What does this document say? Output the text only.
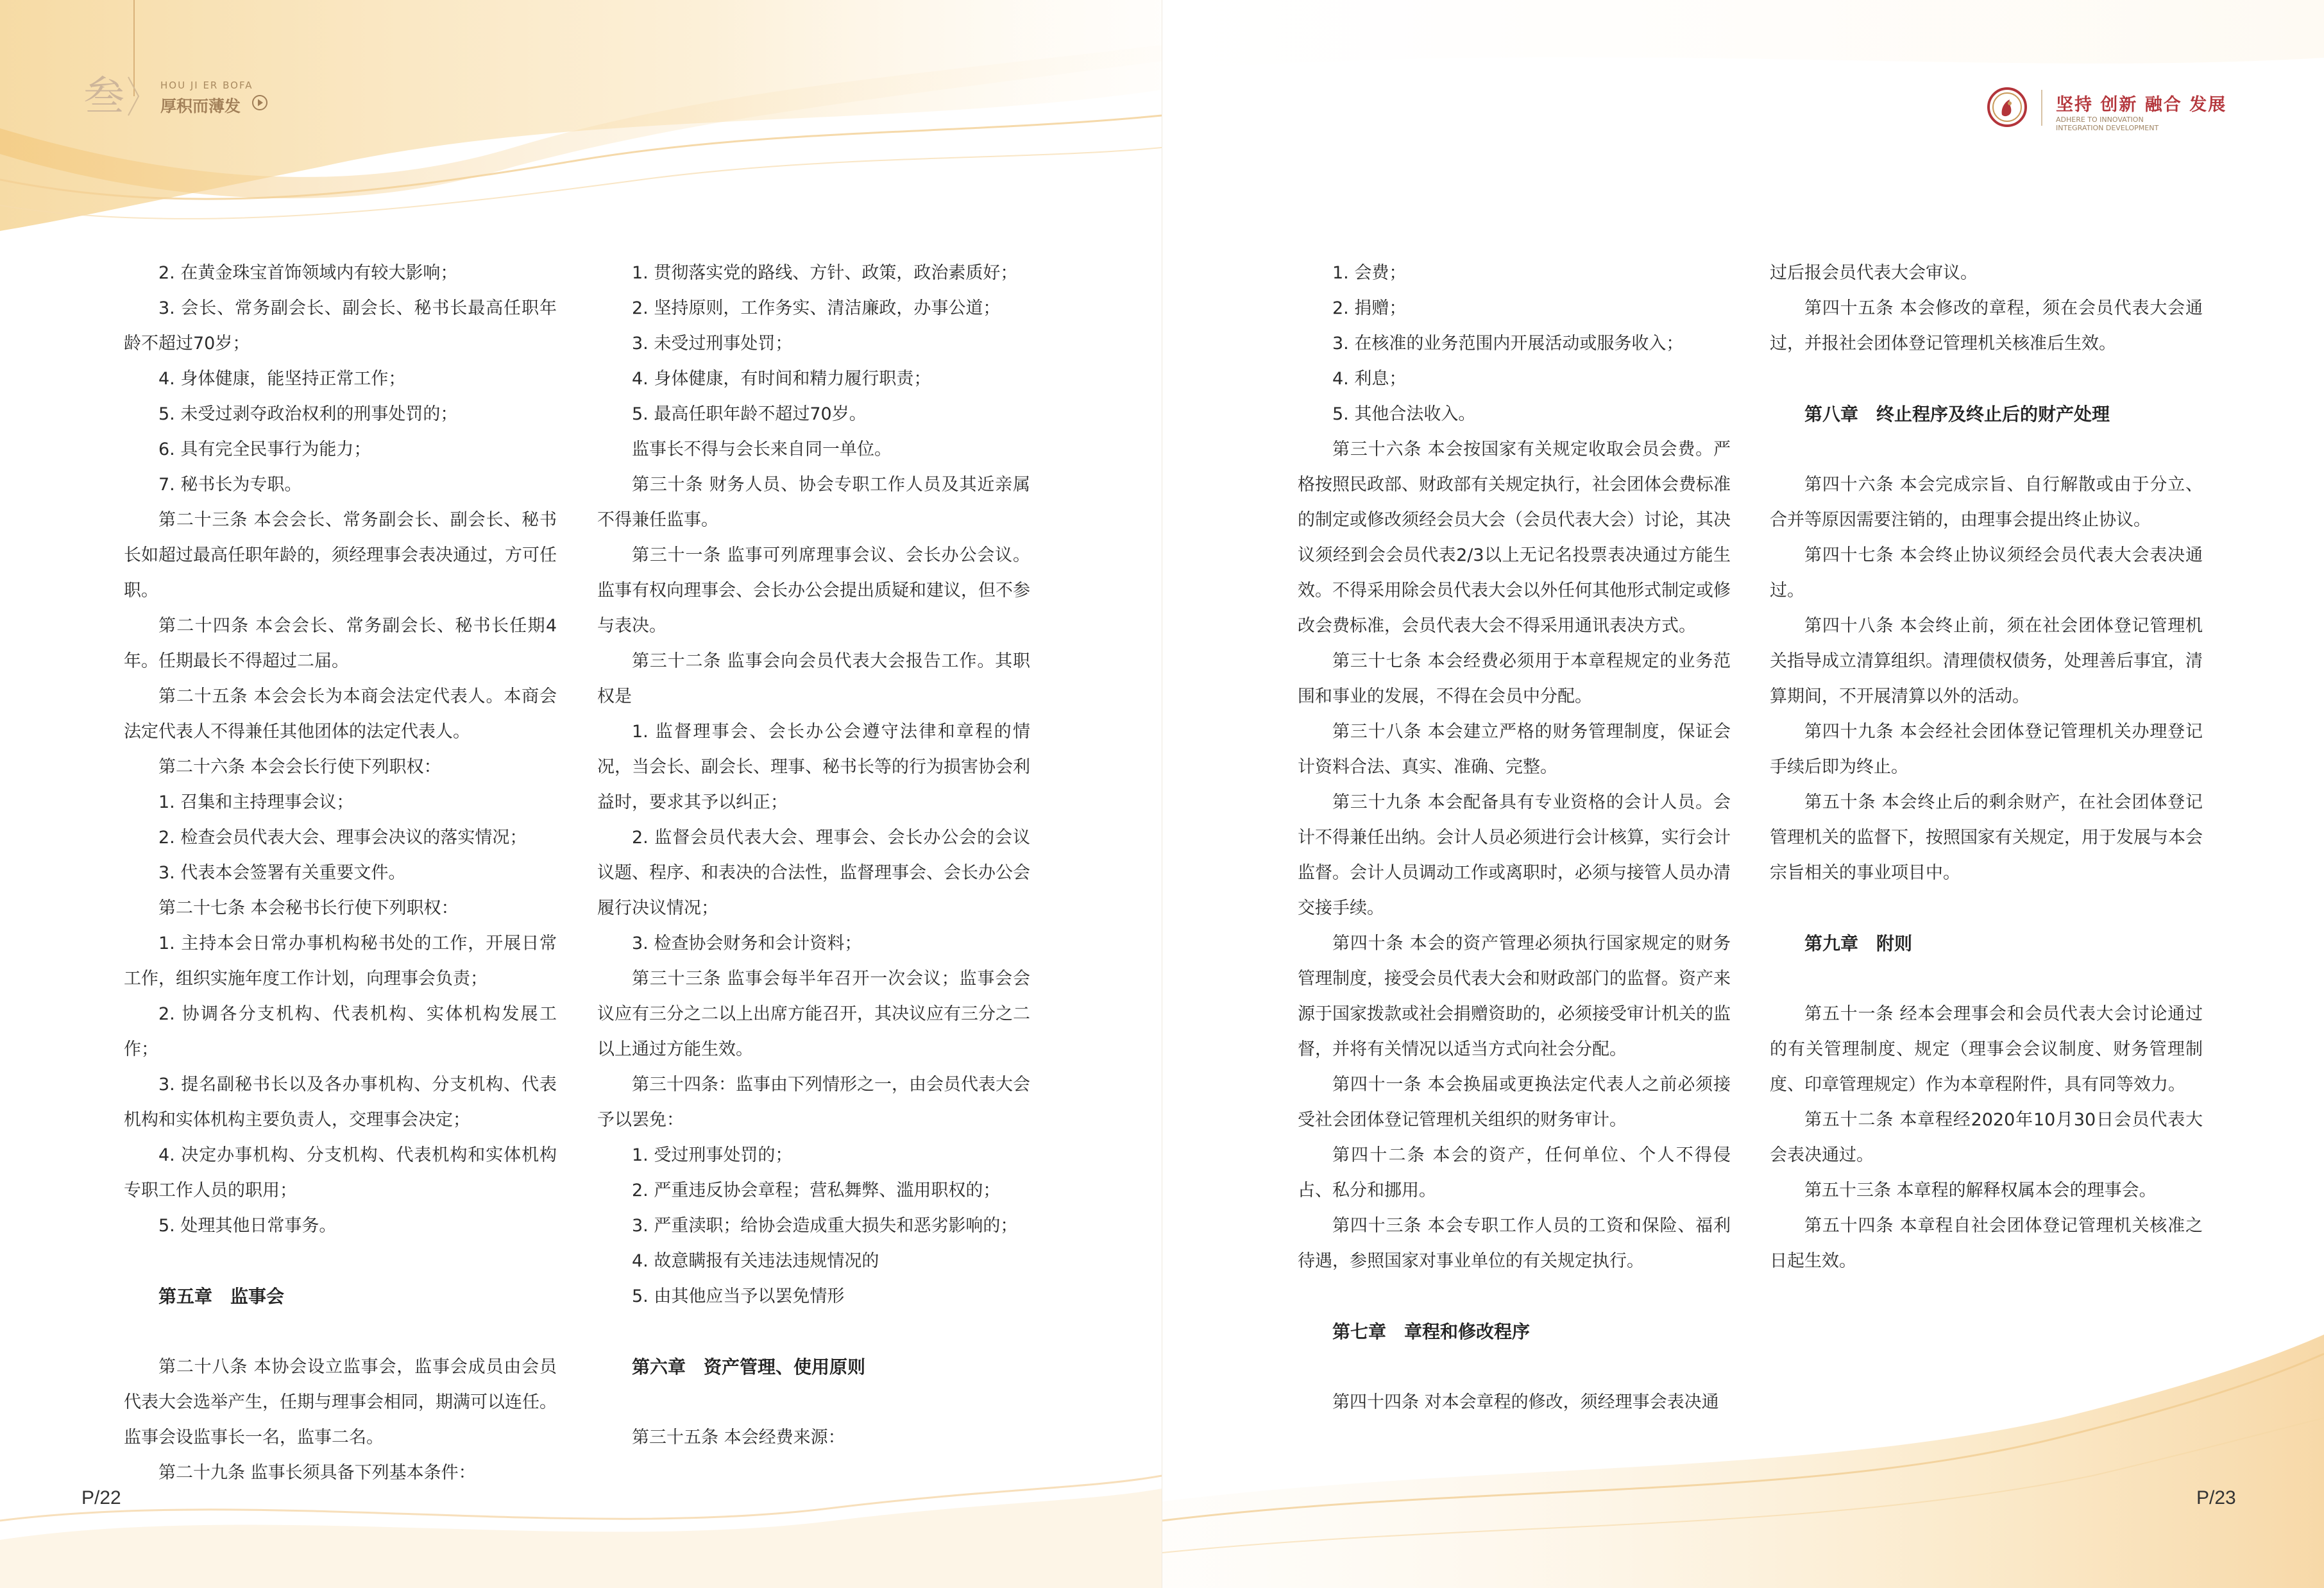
叁	HOU JI ER BOFA
厚积而薄发

2. 在黄金珠宝首饰领域内有较大影响；

3. 会长、常务副会长、副会长、秘书长最高任职年龄不超过70岁；

4. 身体健康，能坚持正常工作；

5. 未受过剥夺政治权利的刑事处罚的；

6. 具有完全民事行为能力；

7. 秘书长为专职。

第二十三条 本会会长、常务副会长、副会长、秘书长如超过最高任职年龄的，须经理事会表决通过，方可任职。

第二十四条 本会会长、常务副会长、秘书长任期4年。任期最长不得超过二届。

第二十五条 本会会长为本商会法定代表人。本商会法定代表人不得兼任其他团体的法定代表人。

第二十六条 本会会长行使下列职权：

1. 召集和主持理事会议；

2. 检查会员代表大会、理事会决议的落实情况；

3. 代表本会签署有关重要文件。

第二十七条 本会秘书长行使下列职权：

1. 主持本会日常办事机构秘书处的工作，开展日常工作，组织实施年度工作计划，向理事会负责；

2. 协调各分支机构、代表机构、实体机构发展工作；

3. 提名副秘书长以及各办事机构、分支机构、代表机构和实体机构主要负责人，交理事会决定；

4. 决定办事机构、分支机构、代表机构和实体机构专职工作人员的职用；

5. 处理其他日常事务。

第五章　监事会

第二十八条 本协会设立监事会，监事会成员由会员代表大会选举产生，任期与理事会相同，期满可以连任。监事会设监事长一名，监事二名。

第二十九条 监事长须具备下列基本条件：

1. 贯彻落实党的路线、方针、政策，政治素质好；

2. 坚持原则，工作务实、清洁廉政，办事公道；

3. 未受过刑事处罚；

4. 身体健康，有时间和精力履行职责；

5. 最高任职年龄不超过70岁。

监事长不得与会长来自同一单位。

第三十条 财务人员、协会专职工作人员及其近亲属不得兼任监事。

第三十一条 监事可列席理事会议、会长办公会议。监事有权向理事会、会长办公会提出质疑和建议，但不参与表决。

第三十二条 监事会向会员代表大会报告工作。其职权是

1. 监督理事会、会长办公会遵守法律和章程的情况，当会长、副会长、理事、秘书长等的行为损害协会利益时，要求其予以纠正；

2. 监督会员代表大会、理事会、会长办公会的会议议题、程序、和表决的合法性，监督理事会、会长办公会履行决议情况；

3. 检查协会财务和会计资料；

第三十三条 监事会每半年召开一次会议；监事会会议应有三分之二以上出席方能召开，其决议应有三分之二以上通过方能生效。

第三十四条：监事由下列情形之一，由会员代表大会予以罢免：

1. 受过刑事处罚的；

2. 严重违反协会章程；营私舞弊、滥用职权的；

3. 严重渎职；给协会造成重大损失和恶劣影响的；

4. 故意瞒报有关违法违规情况的

5. 由其他应当予以罢免情形

第六章　资产管理、使用原则

第三十五条 本会经费来源：

P/22
坚持 创新 融合 发展
ADHERE TO INNOVATION
INTEGRATION DEVELOPMENT

1. 会费；

2. 捐赠；

3. 在核准的业务范围内开展活动或服务收入；

4. 利息；

5. 其他合法收入。

第三十六条 本会按国家有关规定收取会员会费。严格按照民政部、财政部有关规定执行，社会团体会费标准的制定或修改须经会员大会（会员代表大会）讨论，其决议须经到会会员代表2/3以上无记名投票表决通过方能生效。不得采用除会员代表大会以外任何其他形式制定或修改会费标准，会员代表大会不得采用通讯表决方式。

第三十七条 本会经费必须用于本章程规定的业务范围和事业的发展，不得在会员中分配。

第三十八条 本会建立严格的财务管理制度，保证会计资料合法、真实、准确、完整。

第三十九条 本会配备具有专业资格的会计人员。会计不得兼任出纳。会计人员必须进行会计核算，实行会计监督。会计人员调动工作或离职时，必须与接管人员办清交接手续。

第四十条 本会的资产管理必须执行国家规定的财务管理制度，接受会员代表大会和财政部门的监督。资产来源于国家拨款或社会捐赠资助的，必须接受审计机关的监督，并将有关情况以适当方式向社会分配。

第四十一条 本会换届或更换法定代表人之前必须接受社会团体登记管理机关组织的财务审计。

第四十二条 本会的资产，任何单位、个人不得侵占、私分和挪用。

第四十三条 本会专职工作人员的工资和保险、福利待遇，参照国家对事业单位的有关规定执行。

第七章　章程和修改程序

第四十四条 对本会章程的修改，须经理事会表决通

过后报会员代表大会审议。

第四十五条 本会修改的章程，须在会员代表大会通过，并报社会团体登记管理机关核准后生效。

第八章　终止程序及终止后的财产处理

第四十六条 本会完成宗旨、自行解散或由于分立、合并等原因需要注销的，由理事会提出终止协议。

第四十七条 本会终止协议须经会员代表大会表决通过。

第四十八条 本会终止前，须在社会团体登记管理机关指导成立清算组织。清理债权债务，处理善后事宜，清算期间，不开展清算以外的活动。

第四十九条 本会经社会团体登记管理机关办理登记手续后即为终止。

第五十条 本会终止后的剩余财产，在社会团体登记管理机关的监督下，按照国家有关规定，用于发展与本会宗旨相关的事业项目中。

第九章　附则

第五十一条 经本会理事会和会员代表大会讨论通过的有关管理制度、规定（理事会会议制度、财务管理制度、印章管理规定）作为本章程附件，具有同等效力。

第五十二条 本章程经2020年10月30日会员代表大会表决通过。

第五十三条 本章程的解释权属本会的理事会。

第五十四条 本章程自社会团体登记管理机关核准之日起生效。

P/23
